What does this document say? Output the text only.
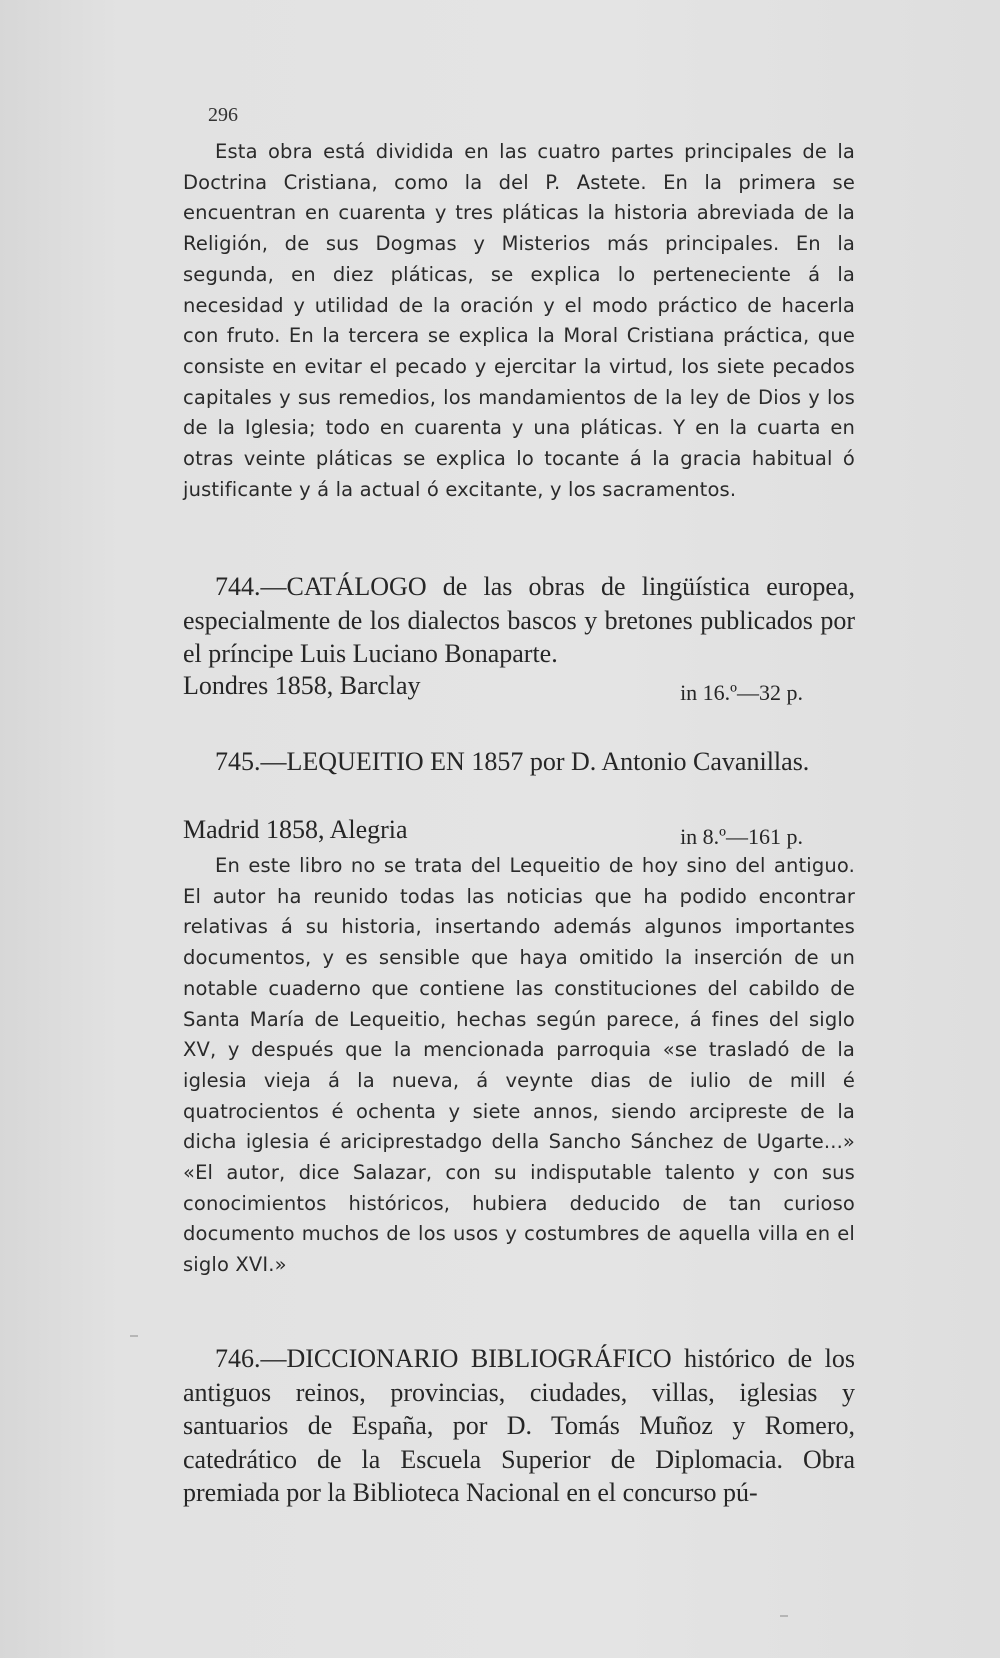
296

Esta obra está dividida en las cuatro partes principales de la Doctrina Cristiana, como la del P. Astete. En la primera se encuentran en cuarenta y tres pláticas la historia abreviada de la Religión, de sus Dogmas y Misterios más principales. En la segunda, en diez pláticas, se explica lo perteneciente á la necesidad y utilidad de la oración y el modo práctico de hacerla con fruto. En la tercera se explica la Moral Cristiana práctica, que consiste en evitar el pecado y ejercitar la virtud, los siete pecados capitales y sus remedios, los mandamientos de la ley de Dios y los de la Iglesia; todo en cuarenta y una pláticas. Y en la cuarta en otras veinte pláticas se explica lo tocante á la gracia habitual ó justificante y á la actual ó excitante, y los sacramentos.

744.—CATÁLOGO de las obras de lingüística europea, especialmente de los dialectos bascos y bretones publicados por el príncipe Luis Luciano Bonaparte.

Londres 1858, Barclay	in 16.º—32 p.

745.—LEQUEITIO EN 1857 por D. Antonio Cavanillas.

Madrid 1858, Alegria	in 8.º—161 p.

En este libro no se trata del Lequeitio de hoy sino del antiguo. El autor ha reunido todas las noticias que ha podido encontrar relativas á su historia, insertando además algunos importantes documentos, y es sensible que haya omitido la inserción de un notable cuaderno que contiene las constituciones del cabildo de Santa María de Lequeitio, hechas según parece, á fines del siglo XV, y después que la mencionada parroquia «se trasladó de la iglesia vieja á la nueva, á veynte dias de iulio de mill é quatrocientos é ochenta y siete annos, siendo arcipreste de la dicha iglesia é ariciprestadgo della Sancho Sánchez de Ugarte...» «El autor, dice Salazar, con su indisputable talento y con sus conocimientos históricos, hubiera deducido de tan curioso documento muchos de los usos y costumbres de aquella villa en el siglo XVI.»

746.—DICCIONARIO BIBLIOGRÁFICO histórico de los antiguos reinos, provincias, ciudades, villas, iglesias y santuarios de España, por D. Tomás Muñoz y Romero, catedrático de la Escuela Superior de Diplomacia. Obra premiada por la Biblioteca Nacional en el concurso pú-
